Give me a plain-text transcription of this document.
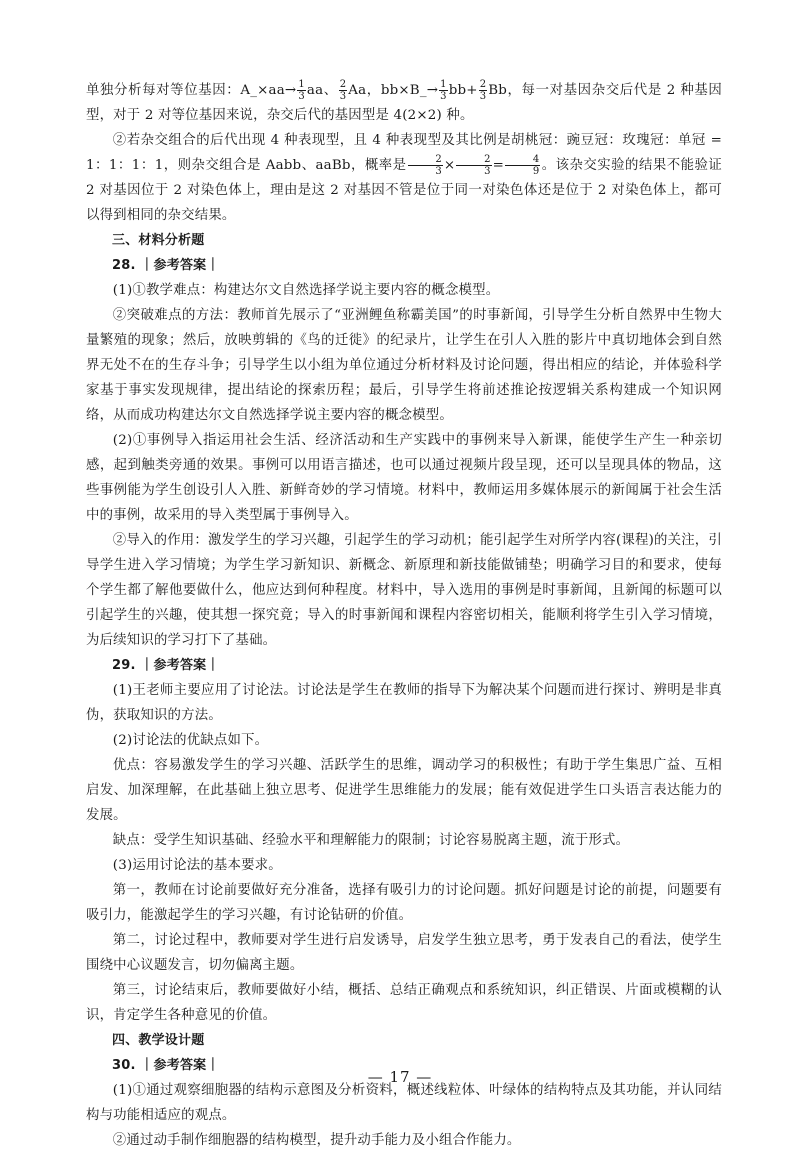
单独分析每对等位基因：A_×aa→ $\frac{1}{3}$ aa、 $\frac{2}{3}$ Aa，bb×B_→ $\frac{1}{3} bb+ \frac{2}{3}$ Bb，每一对基因杂交后代是 2 种基因型，对于 2 对等位基因来说，杂交后代的基因型是 4(2×2) 种。

②若杂交组合的后代出现 4 种表现型，且 4 种表现型及其比例是胡桃冠：豌豆冠：玫瑰冠：单冠 = 1：1：1：1，则杂交组合是 Aabb、aaBb，概率是 $\frac{2}{3} \times \frac{2}{3} = \frac{4}{9}$ 。该杂交实验的结果不能验证 2 对基因位于 2 对染色体上，理由是这 2 对基因不管是位于同一对染色体还是位于 2 对染色体上，都可以得到相同的杂交结果。

三、材料分析题

28. ｜参考答案｜

(1)①教学难点：构建达尔文自然选择学说主要内容的概念模型。

②突破难点的方法：教师首先展示了“亚洲鲤鱼称霸美国”的时事新闻，引导学生分析自然界中生物大量繁殖的现象；然后，放映剪辑的《鸟的迁徙》的纪录片，让学生在引人入胜的影片中真切地体会到自然界无处不在的生存斗争；引导学生以小组为单位通过分析材料及讨论问题，得出相应的结论，并体验科学家基于事实发现规律，提出结论的探索历程；最后，引导学生将前述推论按逻辑关系构建成一个知识网络，从而成功构建达尔文自然选择学说主要内容的概念模型。

(2)①事例导入指运用社会生活、经济活动和生产实践中的事例来导入新课，能使学生产生一种亲切感，起到触类旁通的效果。事例可以用语言描述，也可以通过视频片段呈现，还可以呈现具体的物品，这些事例能为学生创设引人入胜、新鲜奇妙的学习情境。材料中，教师运用多媒体展示的新闻属于社会生活中的事例，故采用的导入类型属于事例导入。

②导入的作用：激发学生的学习兴趣，引起学生的学习动机；能引起学生对所学内容(课程)的关注，引导学生进入学习情境；为学生学习新知识、新概念、新原理和新技能做铺垫；明确学习目的和要求，使每个学生都了解他要做什么，他应达到何种程度。材料中，导入选用的事例是时事新闻，且新闻的标题可以引起学生的兴趣，使其想一探究竟；导入的时事新闻和课程内容密切相关，能顺利将学生引入学习情境，为后续知识的学习打下了基础。

29. ｜参考答案｜

(1)王老师主要应用了讨论法。讨论法是学生在教师的指导下为解决某个问题而进行探讨、辨明是非真伪，获取知识的方法。

(2)讨论法的优缺点如下。

优点：容易激发学生的学习兴趣、活跃学生的思维，调动学习的积极性；有助于学生集思广益、互相启发、加深理解，在此基础上独立思考、促进学生思维能力的发展；能有效促进学生口头语言表达能力的发展。

缺点：受学生知识基础、经验水平和理解能力的限制；讨论容易脱离主题，流于形式。

(3)运用讨论法的基本要求。

第一，教师在讨论前要做好充分准备，选择有吸引力的讨论问题。抓好问题是讨论的前提，问题要有吸引力，能激起学生的学习兴趣，有讨论钻研的价值。

第二，讨论过程中，教师要对学生进行启发诱导，启发学生独立思考，勇于发表自己的看法，使学生围绕中心议题发言，切勿偏离主题。

第三，讨论结束后，教师要做好小结，概括、总结正确观点和系统知识，纠正错误、片面或模糊的认识，肯定学生各种意见的价值。

四、教学设计题

30. ｜参考答案｜

(1)①通过观察细胞器的结构示意图及分析资料，概述线粒体、叶绿体的结构特点及其功能，并认同结构与功能相适应的观点。

②通过动手制作细胞器的结构模型，提升动手能力及小组合作能力。

— 17 —
